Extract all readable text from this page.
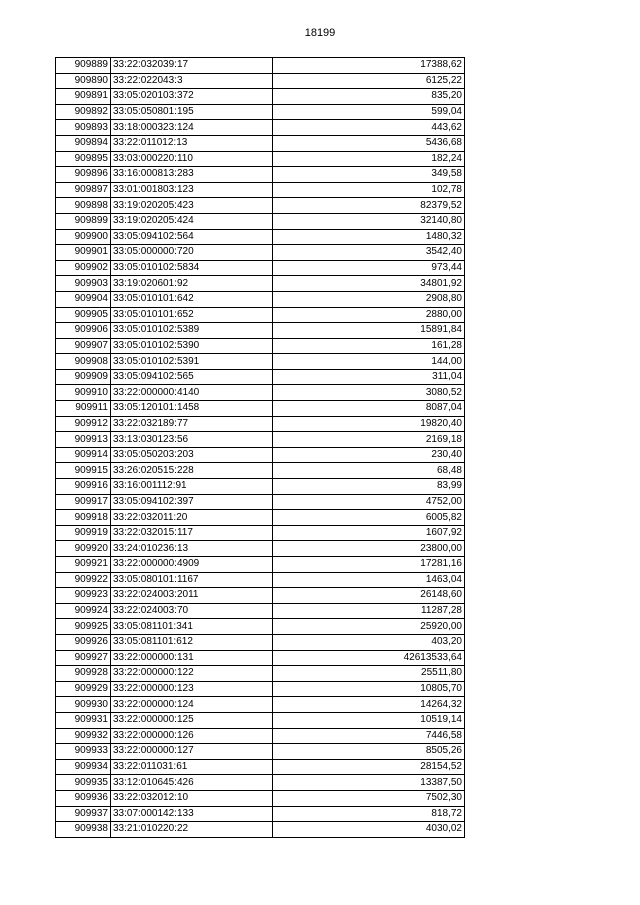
18199
909889	33:22:032039:17	17388,62
909890	33:22:022043:3	6125,22
909891	33:05:020103:372	835,20
909892	33:05:050801:195	599,04
909893	33:18:000323:124	443,62
909894	33:22:011012:13	5436,68
909895	33:03:000220:110	182,24
909896	33:16:000813:283	349,58
909897	33:01:001803:123	102,78
909898	33:19:020205:423	82379,52
909899	33:19:020205:424	32140,80
909900	33:05:094102:564	1480,32
909901	33:05:000000:720	3542,40
909902	33:05:010102:5834	973,44
909903	33:19:020601:92	34801,92
909904	33:05:010101:642	2908,80
909905	33:05:010101:652	2880,00
909906	33:05:010102:5389	15891,84
909907	33:05:010102:5390	161,28
909908	33:05:010102:5391	144,00
909909	33:05:094102:565	311,04
909910	33:22:000000:4140	3080,52
909911	33:05:120101:1458	8087,04
909912	33:22:032189:77	19820,40
909913	33:13:030123:56	2169,18
909914	33:05:050203:203	230,40
909915	33:26:020515:228	68,48
909916	33:16:001112:91	83,99
909917	33:05:094102:397	4752,00
909918	33:22:032011:20	6005,82
909919	33:22:032015:117	1607,92
909920	33:24:010236:13	23800,00
909921	33:22:000000:4909	17281,16
909922	33:05:080101:1167	1463,04
909923	33:22:024003:2011	26148,60
909924	33:22:024003:70	11287,28
909925	33:05:081101:341	25920,00
909926	33:05:081101:612	403,20
909927	33:22:000000:131	42613533,64
909928	33:22:000000:122	25511,80
909929	33:22:000000:123	10805,70
909930	33:22:000000:124	14264,32
909931	33:22:000000:125	10519,14
909932	33:22:000000:126	7446,58
909933	33:22:000000:127	8505,26
909934	33:22:011031:61	28154,52
909935	33:12:010645:426	13387,50
909936	33:22:032012:10	7502,30
909937	33:07:000142:133	818,72
909938	33:21:010220:22	4030,02
